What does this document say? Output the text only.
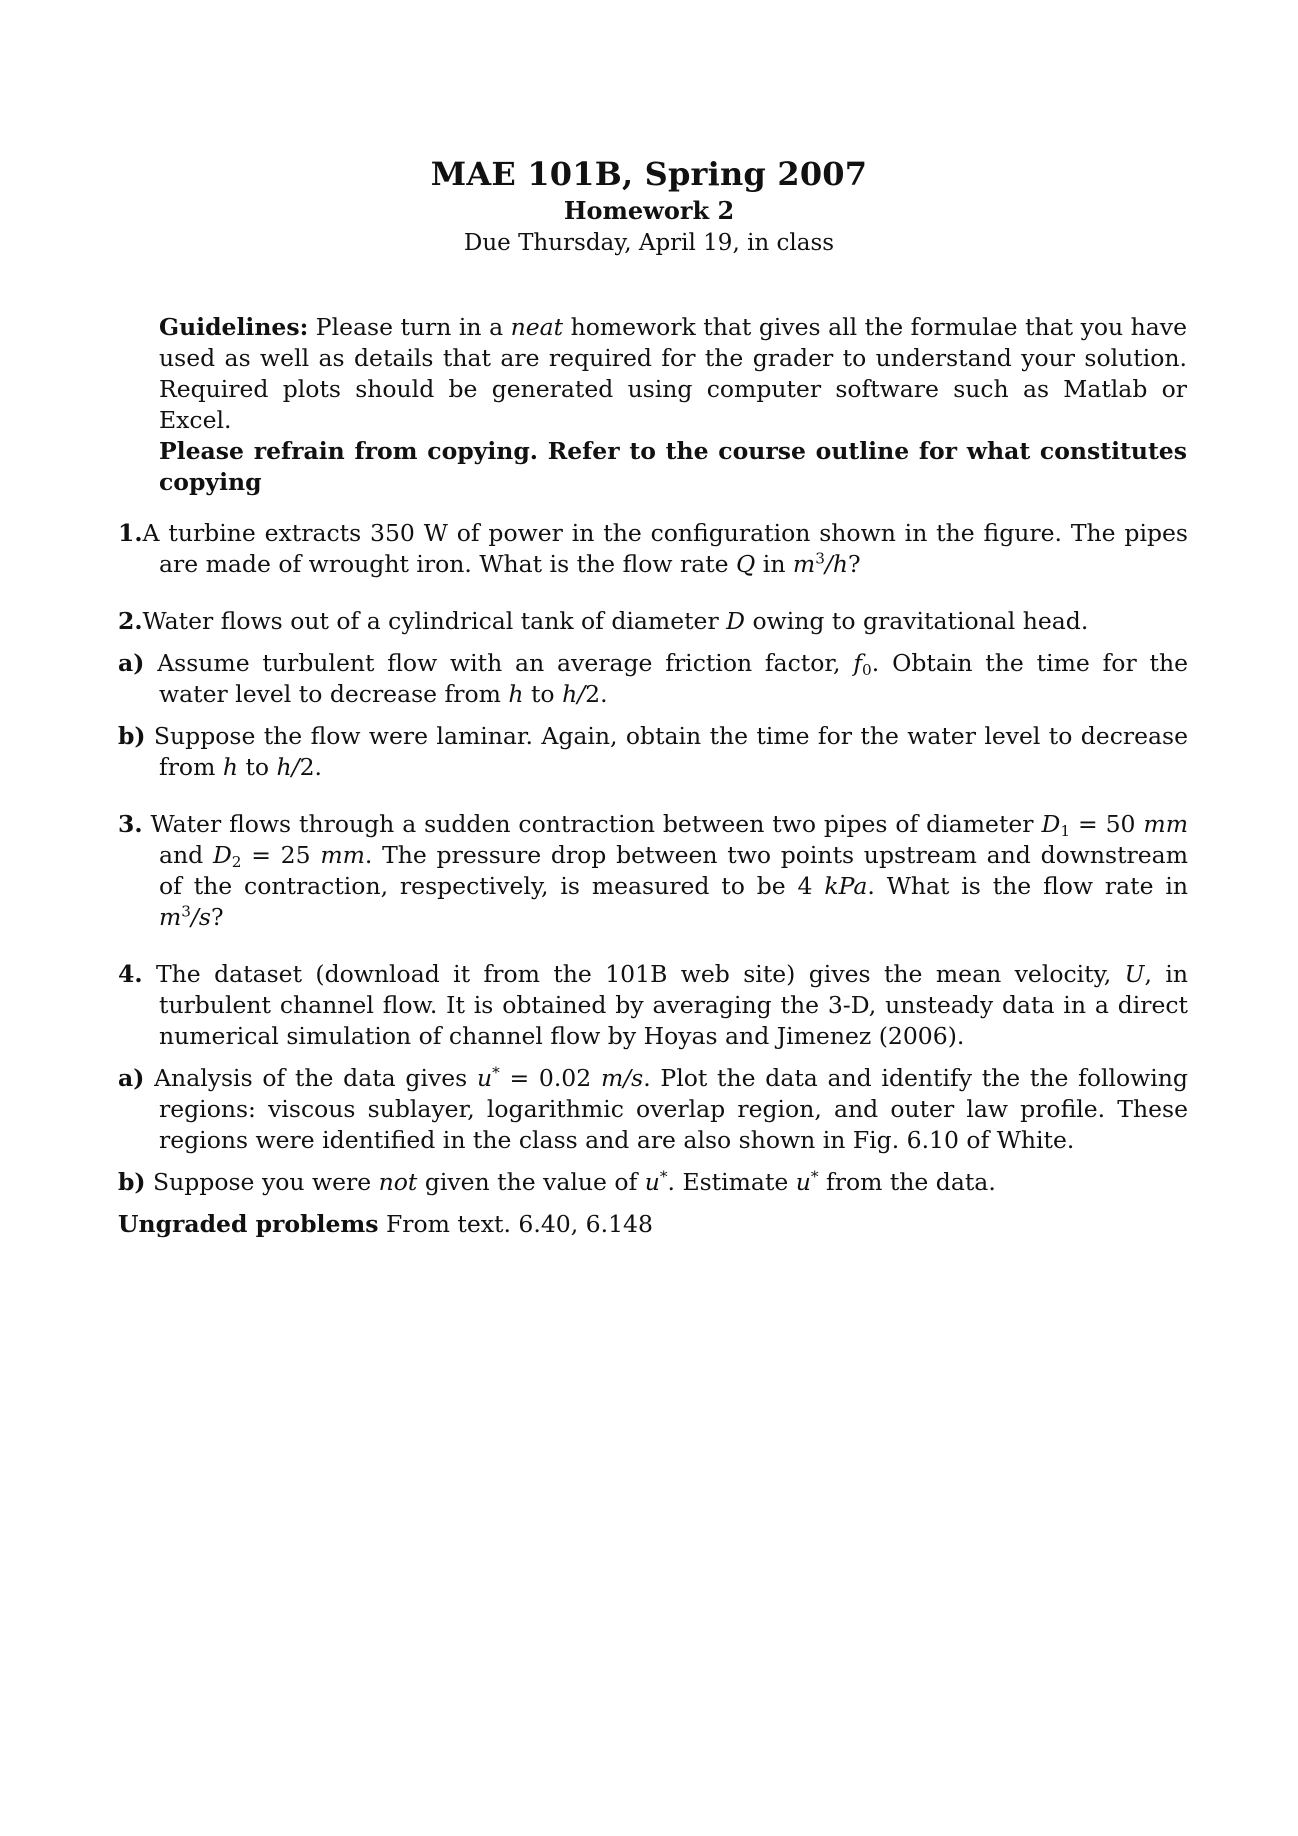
MAE 101B, Spring 2007
Homework 2
Due Thursday, April 19, in class
Guidelines: Please turn in a neat homework that gives all the formulae that you have used as well as details that are required for the grader to understand your solution. Required plots should be generated using computer software such as Matlab or Excel.
Please refrain from copying. Refer to the course outline for what constitutes copying
1.A turbine extracts 350 W of power in the configuration shown in the figure. The pipes are made of wrought iron. What is the flow rate Q in $m^3/h$?
2.Water flows out of a cylindrical tank of diameter D owing to gravitational head.
a) Assume turbulent flow with an average friction factor, $f_0$. Obtain the time for the water level to decrease from h to h/2.
b) Suppose the flow were laminar. Again, obtain the time for the water level to decrease from h to h/2.
3. Water flows through a sudden contraction between two pipes of diameter $D_1 = 50$ mm and $D_2 = 25$ mm. The pressure drop between two points upstream and downstream of the contraction, respectively, is measured to be 4 kPa. What is the flow rate in $m^3/s$?
4. The dataset (download it from the 101B web site) gives the mean velocity, U, in turbulent channel flow. It is obtained by averaging the 3-D, unsteady data in a direct numerical simulation of channel flow by Hoyas and Jimenez (2006).
a) Analysis of the data gives u* = 0.02 m/s. Plot the data and identify the the following regions: viscous sublayer, logarithmic overlap region, and outer law profile. These regions were identified in the class and are also shown in Fig. 6.10 of White.
b) Suppose you were not given the value of u*. Estimate u* from the data.
Ungraded problems From text. 6.40, 6.148
